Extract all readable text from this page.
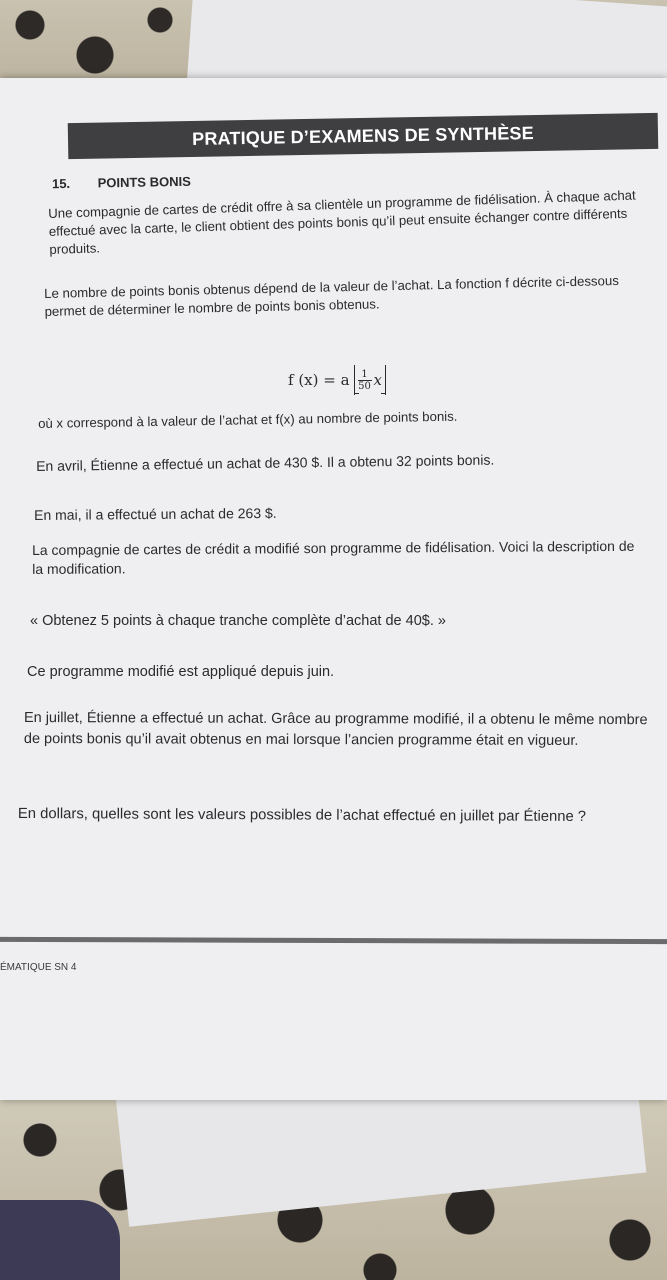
PRATIQUE D’EXAMENS DE SYNTHÈSE
15. POINTS BONIS
Une compagnie de cartes de crédit offre à sa clientèle un programme de fidélisation. À chaque achat effectué avec la carte, le client obtient des points bonis qu’il peut ensuite échanger contre différents produits.
Le nombre de points bonis obtenus dépend de la valeur de l’achat. La fonction f décrite ci-dessous permet de déterminer le nombre de points bonis obtenus.
f (x) = a $\frac{1}{50}$ x
où x correspond à la valeur de l’achat et f(x) au nombre de points bonis.
En avril, Étienne a effectué un achat de 430 $. Il a obtenu 32 points bonis.
En mai, il a effectué un achat de 263 $.
La compagnie de cartes de crédit a modifié son programme de fidélisation. Voici la description de la modification.
« Obtenez 5 points à chaque tranche complète d’achat de 40$. »
Ce programme modifié est appliqué depuis juin.
En juillet, Étienne a effectué un achat. Grâce au programme modifié, il a obtenu le même nombre de points bonis qu’il avait obtenus en mai lorsque l’ancien programme était en vigueur.
En dollars, quelles sont les valeurs possibles de l’achat effectué en juillet par Étienne ?
ÉMATIQUE SN 4
